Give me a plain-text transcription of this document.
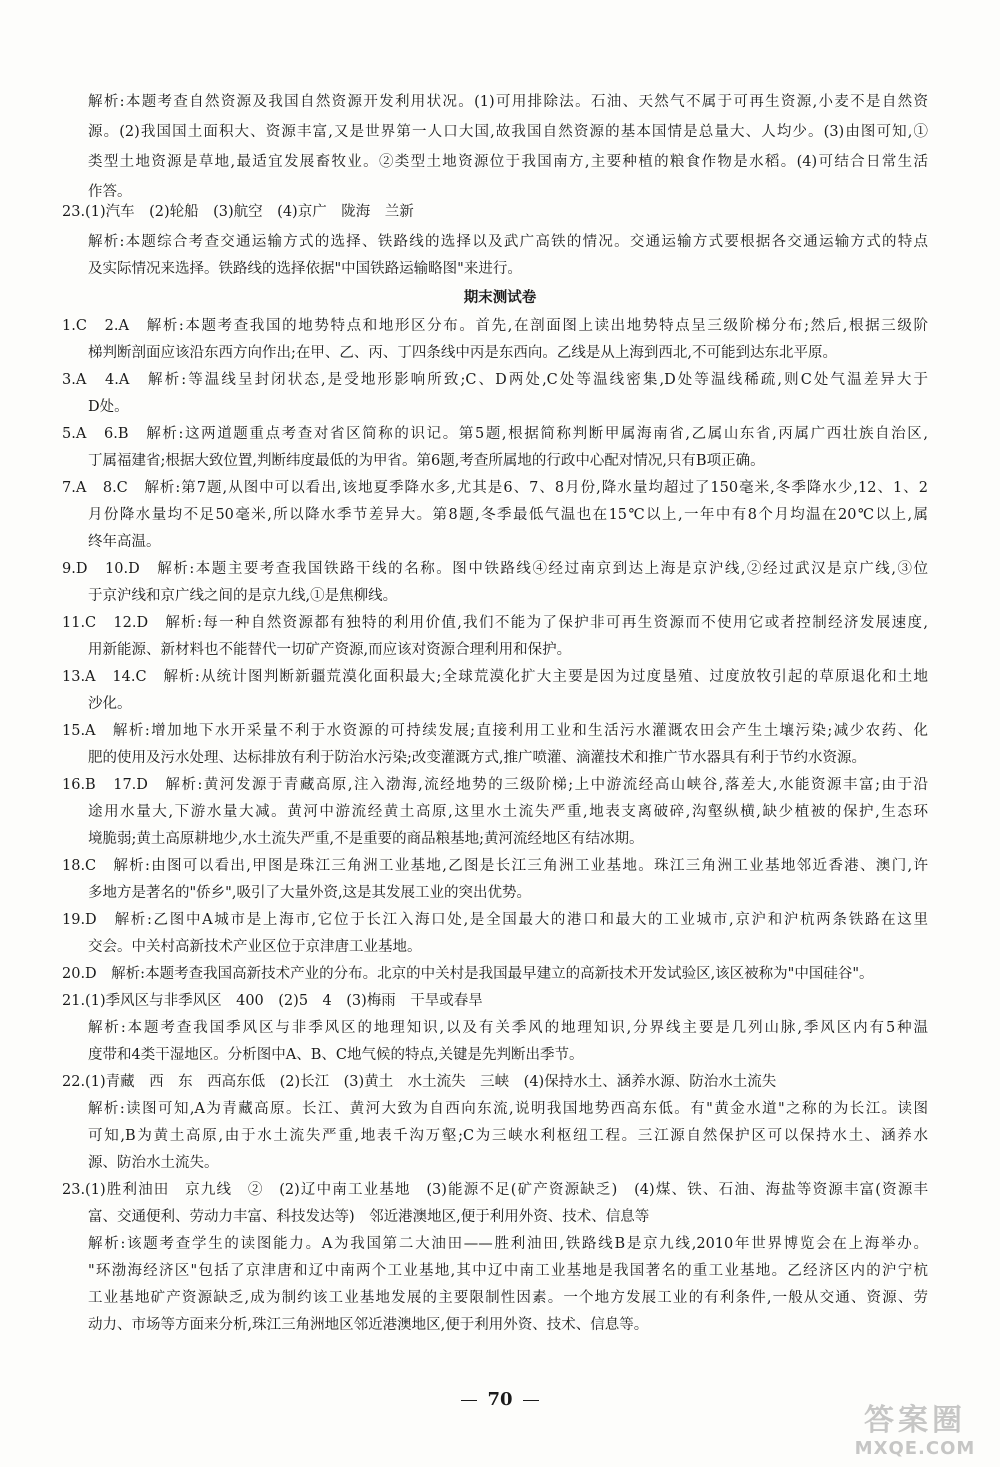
解析:本题考查自然资源及我国自然资源开发利用状况。(1)可用排除法。石油、天然气不属于可再生资源,小麦不是自然资
源。(2)我国国土面积大、资源丰富,又是世界第一人口大国,故我国自然资源的基本国情是总量大、人均少。(3)由图可知,①
类型土地资源是草地,最适宜发展畜牧业。②类型土地资源位于我国南方,主要种植的粮食作物是水稻。(4)可结合日常生活
作答。
23.(1)汽车　(2)轮船　(3)航空　(4)京广　陇海　兰新
解析:本题综合考查交通运输方式的选择、铁路线的选择以及武广高铁的情况。交通运输方式要根据各交通运输方式的特点
及实际情况来选择。铁路线的选择依据"中国铁路运输略图"来进行。
期末测试卷
1.C　2.A　解析:本题考查我国的地势特点和地形区分布。首先,在剖面图上读出地势特点呈三级阶梯分布;然后,根据三级阶
梯判断剖面应该沿东西方向作出;在甲、乙、丙、丁四条线中丙是东西向。乙线是从上海到西北,不可能到达东北平原。
3.A　4.A　解析:等温线呈封闭状态,是受地形影响所致;C、D两处,C处等温线密集,D处等温线稀疏,则C处气温差异大于
D处。
5.A　6.B　解析:这两道题重点考查对省区简称的识记。第5题,根据简称判断甲属海南省,乙属山东省,丙属广西壮族自治区,
丁属福建省;根据大致位置,判断纬度最低的为甲省。第6题,考查所属地的行政中心配对情况,只有B项正确。
7.A　8.C　解析:第7题,从图中可以看出,该地夏季降水多,尤其是6、7、8月份,降水量均超过了150毫米,冬季降水少,12、1、2
月份降水量均不足50毫米,所以降水季节差异大。第8题,冬季最低气温也在15℃以上,一年中有8个月均温在20℃以上,属
终年高温。
9.D　10.D　解析:本题主要考查我国铁路干线的名称。图中铁路线④经过南京到达上海是京沪线,②经过武汉是京广线,③位
于京沪线和京广线之间的是京九线,①是焦柳线。
11.C　12.D　解析:每一种自然资源都有独特的利用价值,我们不能为了保护非可再生资源而不使用它或者控制经济发展速度,
用新能源、新材料也不能替代一切矿产资源,而应该对资源合理利用和保护。
13.A　14.C　解析:从统计图判断新疆荒漠化面积最大;全球荒漠化扩大主要是因为过度垦殖、过度放牧引起的草原退化和土地
沙化。
15.A　解析:增加地下水开采量不利于水资源的可持续发展;直接利用工业和生活污水灌溉农田会产生土壤污染;减少农药、化
肥的使用及污水处理、达标排放有利于防治水污染;改变灌溉方式,推广喷灌、滴灌技术和推广节水器具有利于节约水资源。
16.B　17.D　解析:黄河发源于青藏高原,注入渤海,流经地势的三级阶梯;上中游流经高山峡谷,落差大,水能资源丰富;由于沿
途用水量大,下游水量大减。黄河中游流经黄土高原,这里水土流失严重,地表支离破碎,沟壑纵横,缺少植被的保护,生态环
境脆弱;黄土高原耕地少,水土流失严重,不是重要的商品粮基地;黄河流经地区有结冰期。
18.C　解析:由图可以看出,甲图是珠江三角洲工业基地,乙图是长江三角洲工业基地。珠江三角洲工业基地邻近香港、澳门,许
多地方是著名的"侨乡",吸引了大量外资,这是其发展工业的突出优势。
19.D　解析:乙图中A城市是上海市,它位于长江入海口处,是全国最大的港口和最大的工业城市,京沪和沪杭两条铁路在这里
交会。中关村高新技术产业区位于京津唐工业基地。
20.D　解析:本题考查我国高新技术产业的分布。北京的中关村是我国最早建立的高新技术开发试验区,该区被称为"中国硅谷"。
21.(1)季风区与非季风区　400　(2)5　4　(3)梅雨　干旱或春旱
解析:本题考查我国季风区与非季风区的地理知识,以及有关季风的地理知识,分界线主要是几列山脉,季风区内有5种温
度带和4类干湿地区。分析图中A、B、C地气候的特点,关键是先判断出季节。
22.(1)青藏　西　东　西高东低　(2)长江　(3)黄土　水土流失　三峡　(4)保持水土、涵养水源、防治水土流失
解析:读图可知,A为青藏高原。长江、黄河大致为自西向东流,说明我国地势西高东低。有"黄金水道"之称的为长江。读图
可知,B为黄土高原,由于水土流失严重,地表千沟万壑;C为三峡水利枢纽工程。三江源自然保护区可以保持水土、涵养水
源、防治水土流失。
23.(1)胜利油田　京九线　②　(2)辽中南工业基地　(3)能源不足(矿产资源缺乏)　(4)煤、铁、石油、海盐等资源丰富(资源丰
富、交通便利、劳动力丰富、科技发达等)　邻近港澳地区,便于利用外资、技术、信息等
解析:该题考查学生的读图能力。A为我国第二大油田——胜利油田,铁路线B是京九线,2010年世界博览会在上海举办。
"环渤海经济区"包括了京津唐和辽中南两个工业基地,其中辽中南工业基地是我国著名的重工业基地。乙经济区内的沪宁杭
工业基地矿产资源缺乏,成为制约该工业基地发展的主要限制性因素。一个地方发展工业的有利条件,一般从交通、资源、劳
动力、市场等方面来分析,珠江三角洲地区邻近港澳地区,便于利用外资、技术、信息等。
70
答案圈
MXQE.COM
